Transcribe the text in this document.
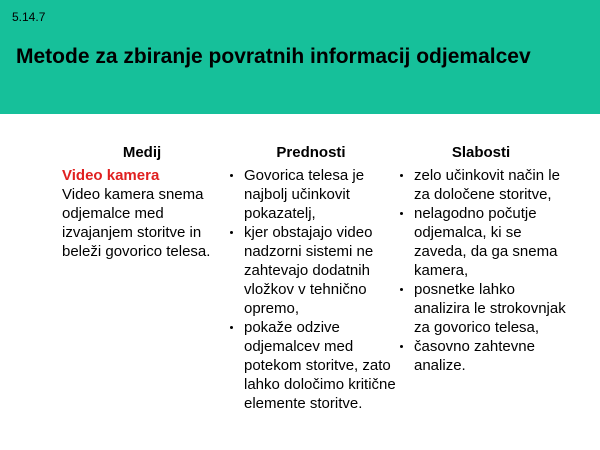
5.14.7
Metode za zbiranje povratnih informacij odjemalcev
Medij	Prednosti	Slabosti
Video kamera
Video kamera snema odjemalce med izvajanjem storitve in beleži govorico telesa.
Govorica telesa je najbolj učinkovit pokazatelj,
kjer obstajajo video nadzorni sistemi ne zahtevajo dodatnih vložkov v tehnično opremo,
pokaže odzive odjemalcev med potekom storitve, zato lahko določimo kritične elemente storitve.
zelo učinkovit način le za določene storitve,
nelagodno počutje odjemalca, ki se zaveda, da ga snema kamera,
posnetke lahko analizira le strokovnjak za govorico telesa,
časovno zahtevne analize.
